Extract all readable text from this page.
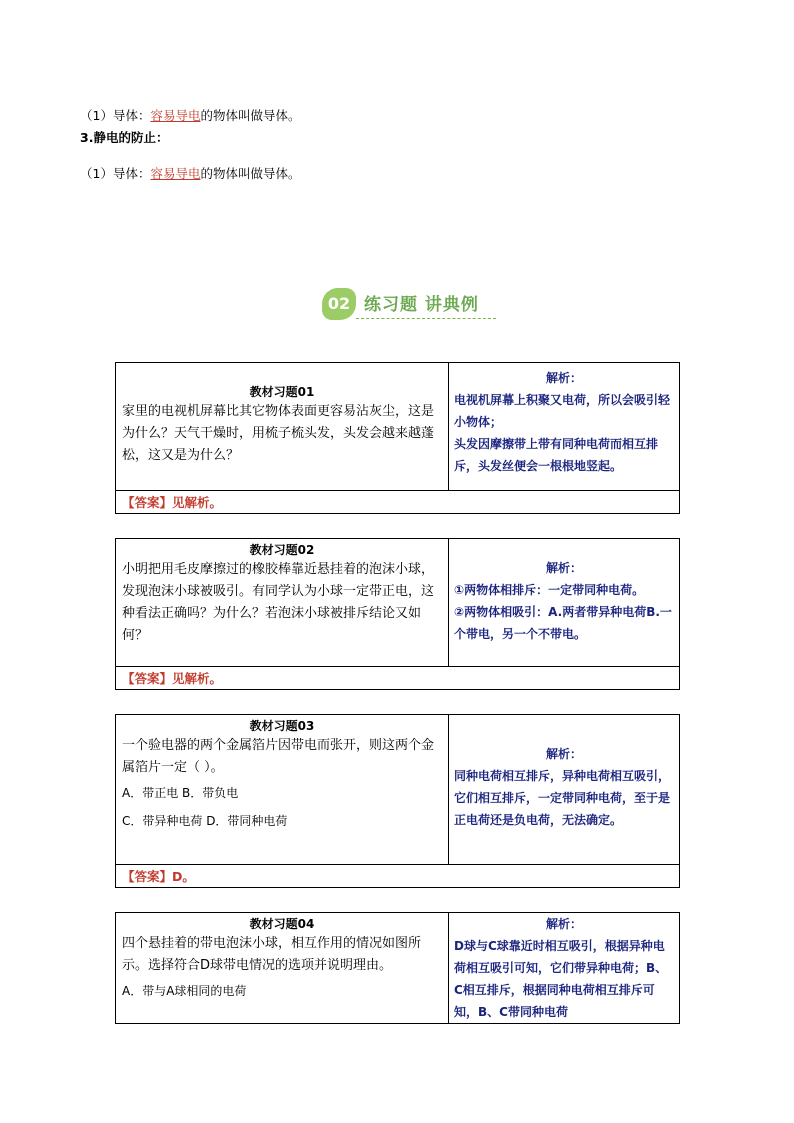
（1）导体：容易导电的物体叫做导体。
3.静电的防止：
（1）导体：容易导电的物体叫做导体。
02 练习题 讲典例
教材习题01
家里的电视机屏幕比其它物体表面更容易沾灰尘，这是为什么？天气干燥时，用梳子梳头发，头发会越来越蓬松，这又是为什么？
解析：
电视机屏幕上积聚又电荷，所以会吸引轻小物体；
头发因摩擦带上带有同种电荷而相互排斥，头发丝便会一根根地竖起。
【答案】见解析。
教材习题02
小明把用毛皮摩擦过的橡胶棒靠近悬挂着的泡沫小球，发现泡沫小球被吸引。有同学认为小球一定带正电，这种看法正确吗？为什么？若泡沫小球被排斥结论又如何？
解析：
①两物体相排斥：一定带同种电荷。
②两物体相吸引：A.两者带异种电荷B.一个带电，另一个不带电。
【答案】见解析。
教材习题03
一个验电器的两个金属箔片因带电而张开，则这两个金属箔片一定（ ）。
A．带正电 B．带负电
C．带异种电荷 D．带同种电荷
解析：
同种电荷相互排斥，异种电荷相互吸引，它们相互排斥，一定带同种电荷，至于是正电荷还是负电荷，无法确定。
【答案】D。
教材习题04
四个悬挂着的带电泡沫小球，相互作用的情况如图所示。选择符合D球带电情况的选项并说明理由。
A．带与A球相同的电荷
解析：
D球与C球靠近时相互吸引，根据异种电荷相互吸引可知，它们带异种电荷；B、C相互排斥，根据同种电荷相互排斥可知，B、C带同种电荷
